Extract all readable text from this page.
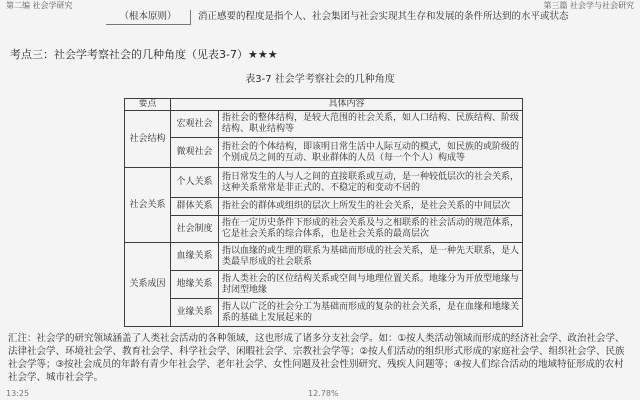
第二编 社会学研究	第三篇 社会学与社会研究
（根本原则）	消正感要的程度是指个人、社会集团与社会实现其生存和发展的条件所达到的水平或状态
考点三：社会学考察社会的几种角度（见表3-7）★★★
表3-7 社会学考察社会的几种角度
要点	具体内容	
社会结构	宏观社会	指社会的整体结构，是较大范围的社会关系，如人口结构、民族结构、阶级结构、职业结构等
	微观社会	指社会的个体结构，即该明日常生活中人际互动的模式，如民族的或阶级的个别成员之间的互动、职业群体的人员（每一个个人）构成等
社会关系	个人关系	指日常发生的人与人之间的直接联系或互动，是一种较低层次的社会关系，这种关系常常是非正式的、不稳定的和变动不居的
	群体关系	指社会的群体或组织的层次上所发生的社会关系，是社会关系的中间层次
	社会制度	指在一定历史条件下形成的社会关系及与之相联系的社会活动的规范体系，它是社会关系的综合体系，也是社会关系的最高层次
关系成因	血缘关系	指以血缘的或生理的联系为基础而形成的社会关系，是一种先天联系，是人类最早形成的社会联系
	地缘关系	指人类社会的区位结构关系或空间与地理位置关系。地缘分为开放型地缘与封闭型地缘
	业缘关系	指人以广泛的社会分工为基础而形成的复杂的社会关系，是在血缘和地缘关系的基础上发展起来的
汇注：社会学的研究领域涵盖了人类社会活动的各种领域，这也形成了诸多分支社会学。如：①按人类活动领域而形成的经济社会学、政治社会学、法律社会学、环境社会学、教育社会学、科学社会学、闲暇社会学、宗教社会学等；②按人们活动的组织形式形成的家庭社会学、组织社会学、民族社会学等；③按社会成员的年龄有青少年社会学、老年社会学、女性问题及社会性别研究、残疾人问题等；④按人们综合活动的地域特征形成的农村社会学、城市社会学。
13:25	12.78%
